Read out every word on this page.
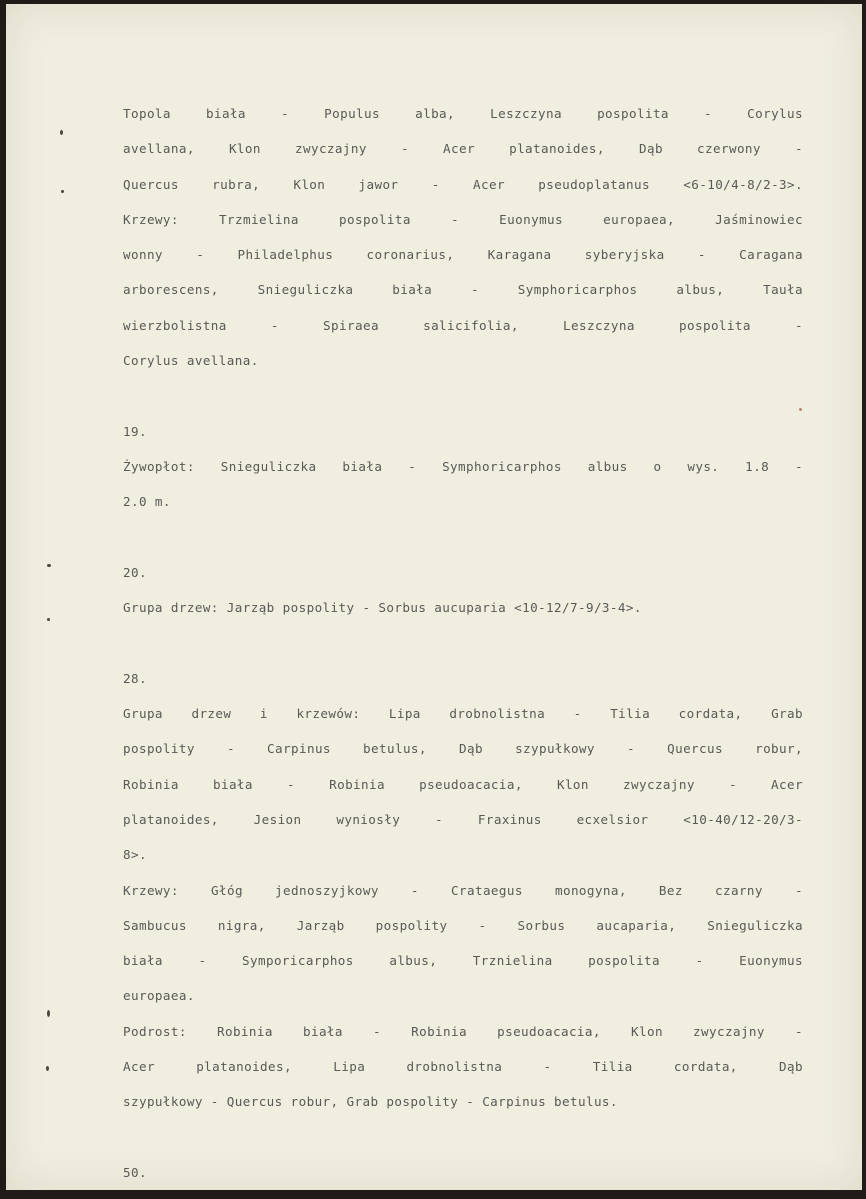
Topola biała - Populus alba, Leszczyna pospolita - Corylus
avellana, Klon zwyczajny - Acer platanoides, Dąb czerwony -
Quercus rubra, Klon jawor - Acer pseudoplatanus <6-10/4-8/2-3>.
Krzewy: Trzmielina pospolita - Euonymus europaea, Jaśminowiec
wonny - Philadelphus coronarius, Karagana syberyjska - Caragana
arborescens, Snieguliczka biała - Symphoricarphos albus, Tauła
wierzbolistna - Spiraea salicifolia, Leszczyna pospolita -
Corylus avellana.
19.
Żywopłot: Snieguliczka biała - Symphoricarphos albus o wys. 1.8 -
2.0 m.
20.
Grupa drzew: Jarząb pospolity - Sorbus aucuparia <10-12/7-9/3-4>.
28.
Grupa drzew i krzewów: Lipa drobnolistna - Tilia cordata, Grab
pospolity - Carpinus betulus, Dąb szypułkowy - Quercus robur,
Robinia biała - Robinia pseudoacacia, Klon zwyczajny - Acer
platanoides, Jesion wyniosły - Fraxinus ecxelsior <10-40/12-20/3-
8>.
Krzewy: Głóg jednoszyjkowy - Crataegus monogyna, Bez czarny -
Sambucus nigra, Jarząb pospolity - Sorbus aucaparia, Snieguliczka
biała - Symporicarphos albus, Trznielina pospolita - Euonymus
europaea.
Podrost: Robinia biała - Robinia pseudoacacia, Klon zwyczajny -
Acer platanoides, Lipa drobnolistna - Tilia cordata, Dąb
szypułkowy - Quercus robur, Grab pospolity - Carpinus betulus.
50.
